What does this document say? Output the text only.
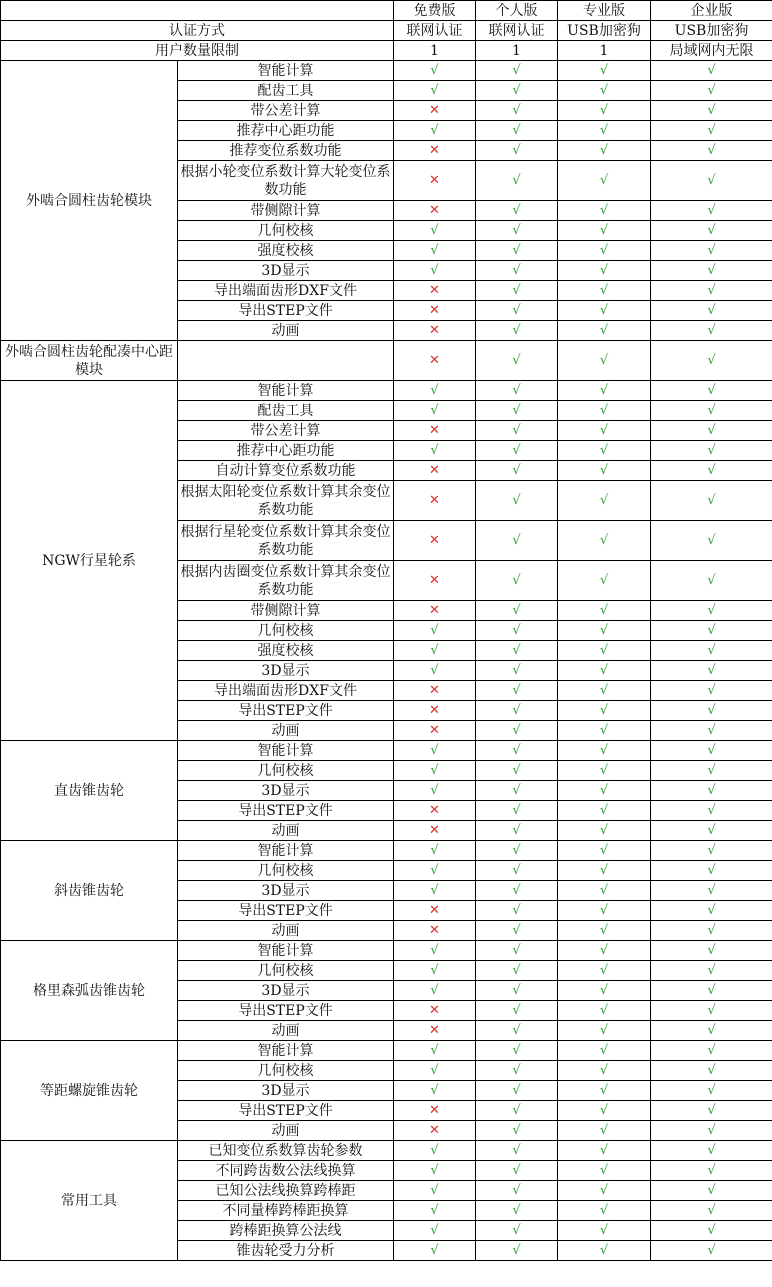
		免费版	个人版	专业版	企业版
认证方式		联网认证	联网认证	USB加密狗	USB加密狗
用户数量限制		1	1	1	局域网内无限
外啮合圆柱齿轮模块	智能计算	√	√	√	√
	配齿工具	√	√	√	√
	带公差计算	✕	√	√	√
	推荐中心距功能	√	√	√	√
	推荐变位系数功能	✕	√	√	√
	根据小轮变位系数计算大轮变位系数功能	✕	√	√	√
	带侧隙计算	✕	√	√	√
	几何校核	√	√	√	√
	强度校核	√	√	√	√
	3D显示	√	√	√	√
	导出端面齿形DXF文件	✕	√	√	√
	导出STEP文件	✕	√	√	√
	动画	✕	√	√	√
外啮合圆柱齿轮配凑中心距模块		✕	√	√	√
NGW行星轮系	智能计算	√	√	√	√
	配齿工具	√	√	√	√
	带公差计算	✕	√	√	√
	推荐中心距功能	√	√	√	√
	自动计算变位系数功能	✕	√	√	√
	根据太阳轮变位系数计算其余变位系数功能	✕	√	√	√
	根据行星轮变位系数计算其余变位系数功能	✕	√	√	√
	根据内齿圈变位系数计算其余变位系数功能	✕	√	√	√
	带侧隙计算	✕	√	√	√
	几何校核	√	√	√	√
	强度校核	√	√	√	√
	3D显示	√	√	√	√
	导出端面齿形DXF文件	✕	√	√	√
	导出STEP文件	✕	√	√	√
	动画	✕	√	√	√
直齿锥齿轮	智能计算	√	√	√	√
	几何校核	√	√	√	√
	3D显示	√	√	√	√
	导出STEP文件	✕	√	√	√
	动画	✕	√	√	√
斜齿锥齿轮	智能计算	√	√	√	√
	几何校核	√	√	√	√
	3D显示	√	√	√	√
	导出STEP文件	✕	√	√	√
	动画	✕	√	√	√
格里森弧齿锥齿轮	智能计算	√	√	√	√
	几何校核	√	√	√	√
	3D显示	√	√	√	√
	导出STEP文件	✕	√	√	√
	动画	✕	√	√	√
等距螺旋锥齿轮	智能计算	√	√	√	√
	几何校核	√	√	√	√
	3D显示	√	√	√	√
	导出STEP文件	✕	√	√	√
	动画	✕	√	√	√
常用工具	已知变位系数算齿轮参数	√	√	√	√
	不同跨齿数公法线换算	√	√	√	√
	已知公法线换算跨棒距	√	√	√	√
	不同量棒跨棒距换算	√	√	√	√
	跨棒距换算公法线	√	√	√	√
	锥齿轮受力分析	√	√	√	√
